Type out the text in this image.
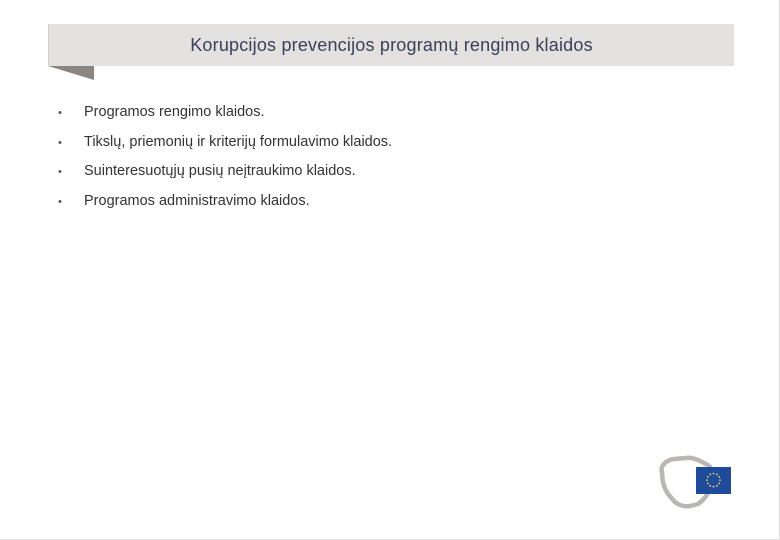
Korupcijos prevencijos programų rengimo klaidos
•	Programos rengimo klaidos.
•	Tikslų, priemonių ir kriterijų formulavimo klaidos.
•	Suinteresuotųjų pusių neįtraukimo klaidos.
•	Programos administravimo klaidos.
